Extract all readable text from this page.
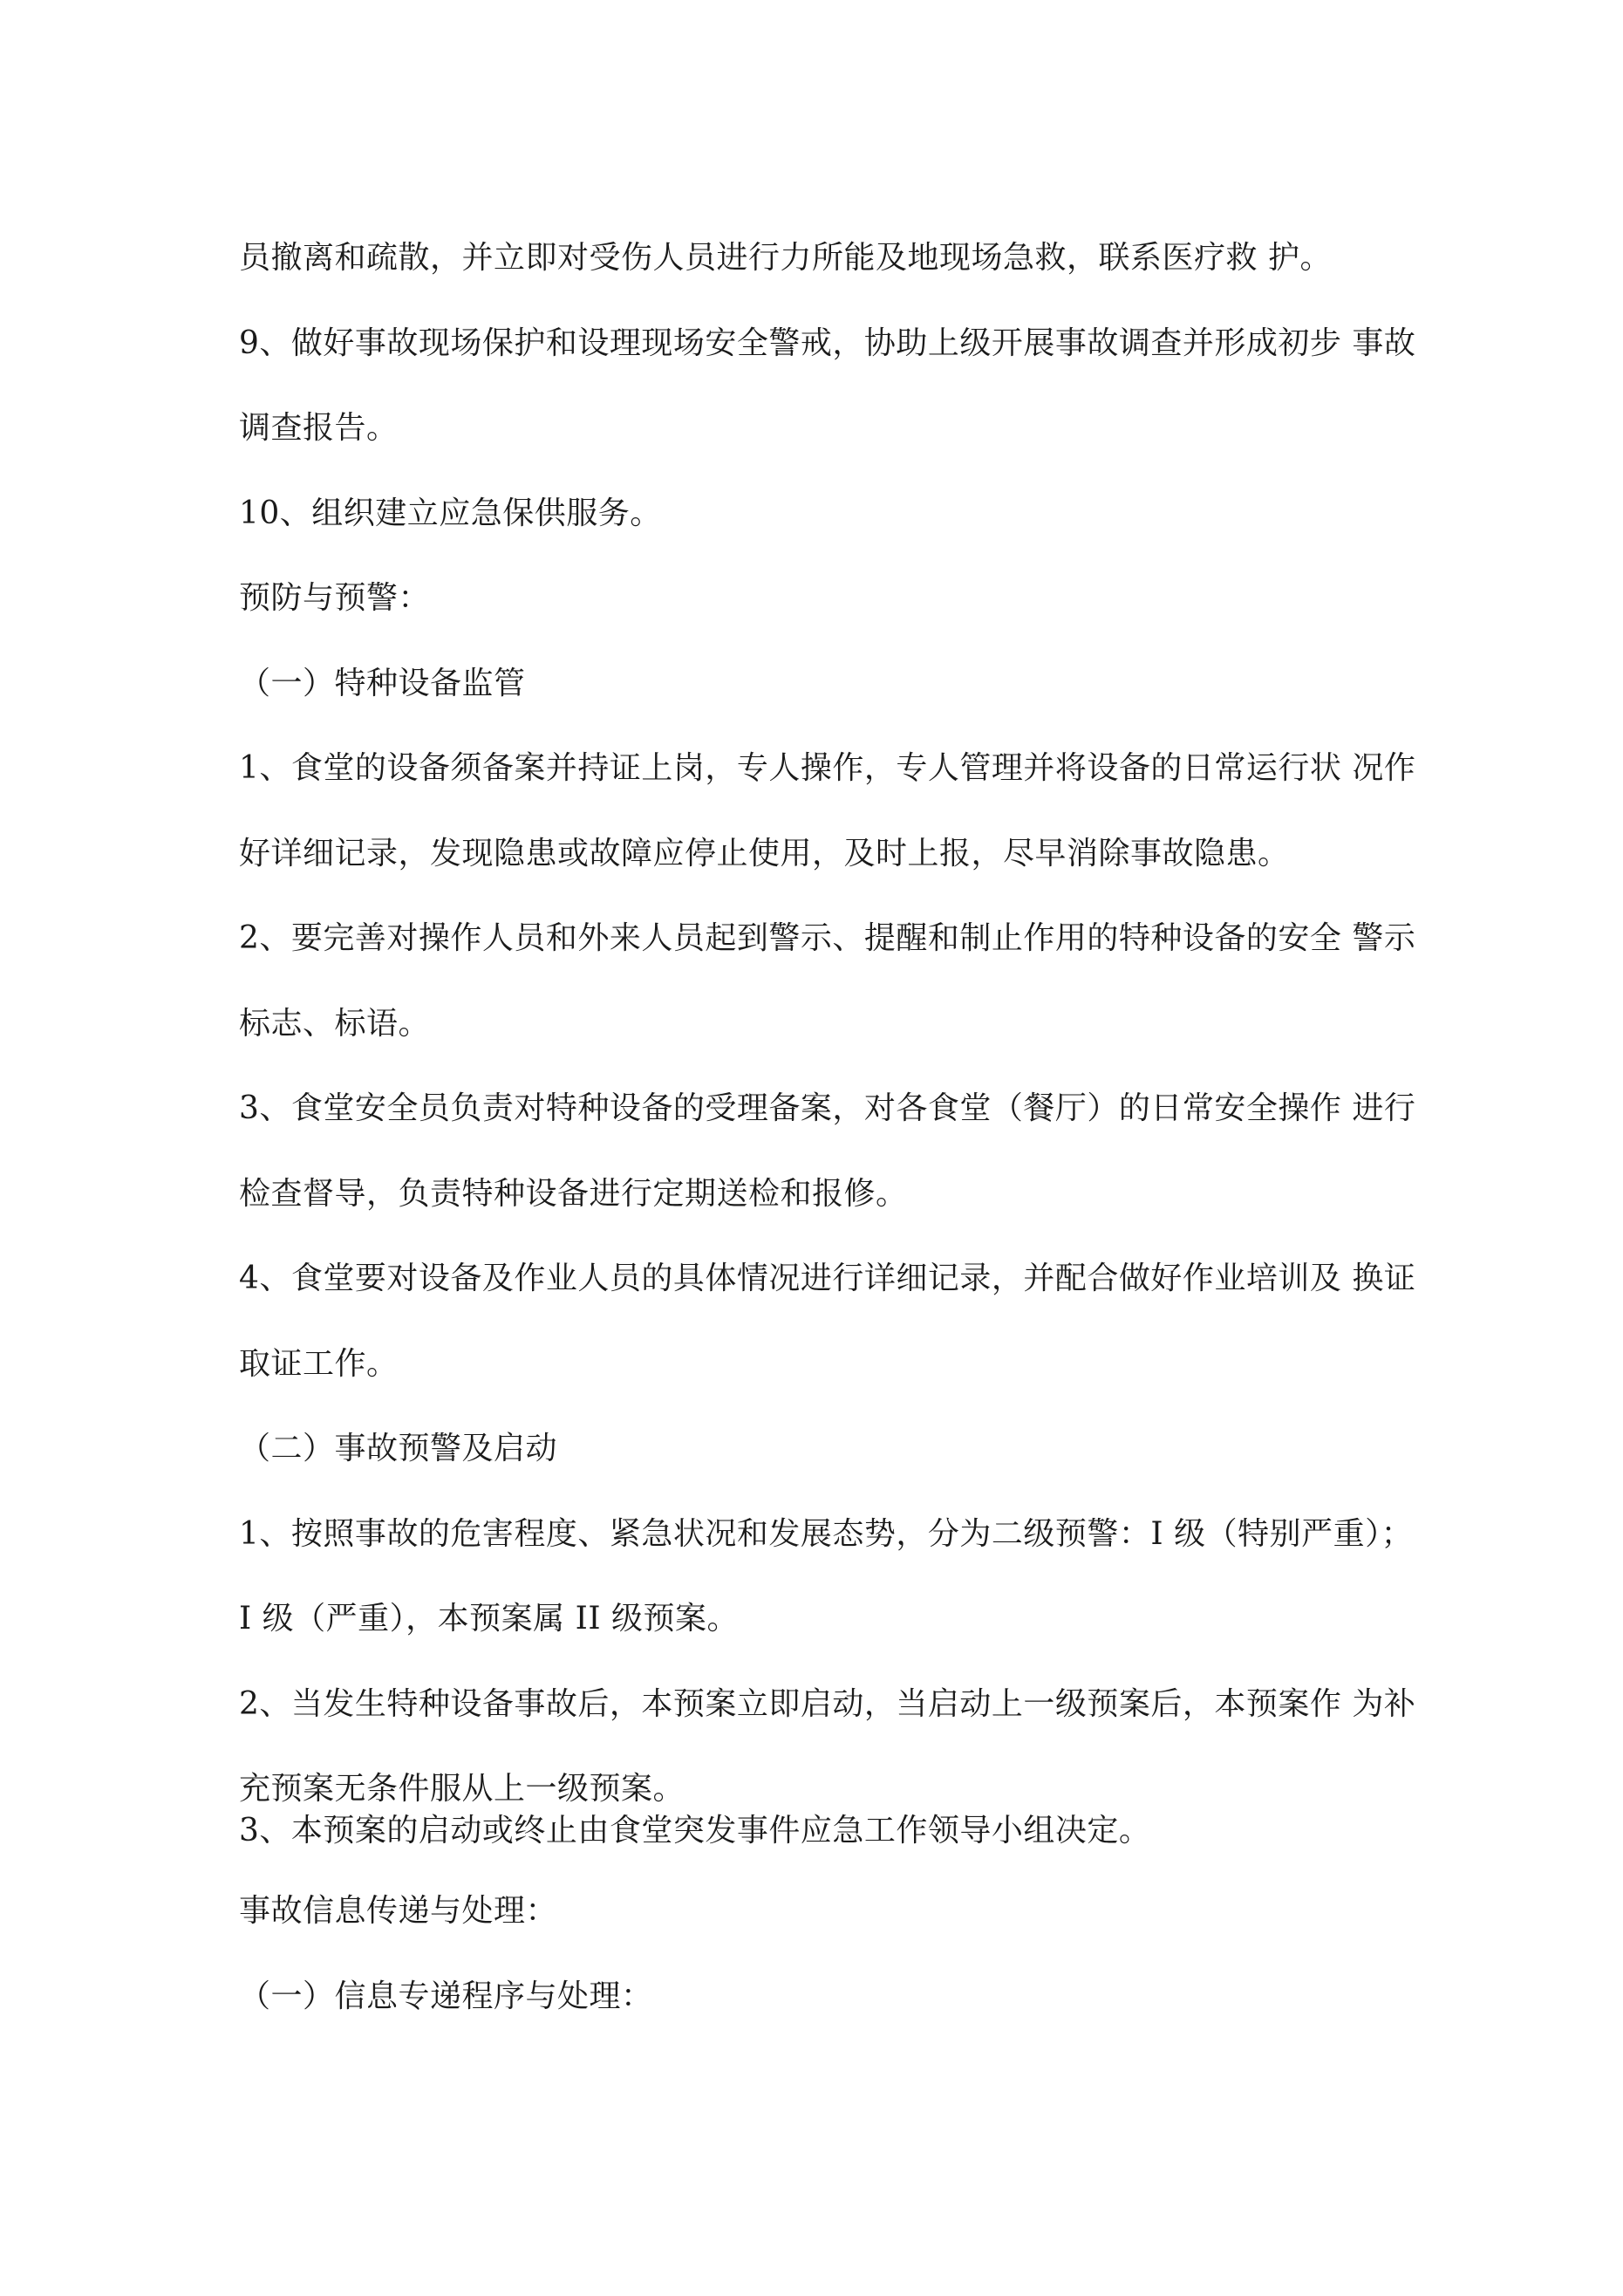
员撤离和疏散，并立即对受伤人员进行力所能及地现场急救，联系医疗救 护。
9、做好事故现场保护和设理现场安全警戒，协助上级开展事故调查并形成初步 事故
调查报告。
10、组织建立应急保供服务。
预防与预警：
（一）特种设备监管
1、食堂的设备须备案并持证上岗，专人操作，专人管理并将设备的日常运行状 况作
好详细记录，发现隐患或故障应停止使用，及时上报，尽早消除事故隐患。
2、要完善对操作人员和外来人员起到警示、提醒和制止作用的特种设备的安全 警示
标志、标语。
3、食堂安全员负责对特种设备的受理备案，对各食堂（餐厅）的日常安全操作 进行
检查督导，负责特种设备进行定期送检和报修。
4、食堂要对设备及作业人员的具体情况进行详细记录，并配合做好作业培训及 换证
取证工作。
（二）事故预警及启动
1、按照事故的危害程度、紧急状况和发展态势，分为二级预警：I 级（特别严重）；
I 级（严重），本预案属 II 级预案。
2、当发生特种设备事故后，本预案立即启动，当启动上一级预案后，本预案作 为补
充预案无条件服从上一级预案。
3、本预案的启动或终止由食堂突发事件应急工作领导小组决定。
事故信息传递与处理：
（一）信息专递程序与处理：
